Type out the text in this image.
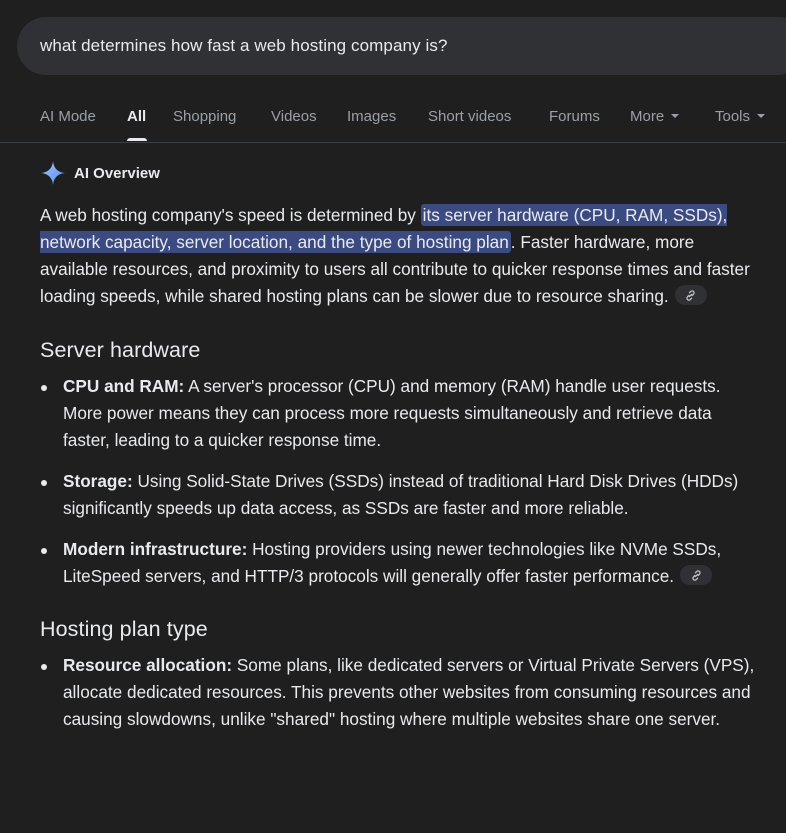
what determines how fast a web hosting company is?
AI Mode All Shopping Videos Images Short videos	Forums More	Tools
AI Overview

A web hosting company's speed is determined by its server hardware (CPU, RAM, SSDs), network capacity, server location, and the type of hosting plan . Faster hardware, more available resources, and proximity to users all contribute to quicker response times and faster loading speeds, while shared hosting plans can be slower due to resource sharing.

Server hardware
CPU and RAM: A server's processor (CPU) and memory (RAM) handle user requests. More power means they can process more requests simultaneously and retrieve data faster, leading to a quicker response time.
Storage: Using Solid-State Drives (SSDs) instead of traditional Hard Disk Drives (HDDs) significantly speeds up data access, as SSDs are faster and more reliable.
Modern infrastructure: Hosting providers using newer technologies like NVMe SSDs, LiteSpeed servers, and HTTP/3 protocols will generally offer faster performance.
Hosting plan type
Resource allocation: Some plans, like dedicated servers or Virtual Private Servers (VPS), allocate dedicated resources. This prevents other websites from consuming resources and causing slowdowns, unlike "shared" hosting where multiple websites share one server.
